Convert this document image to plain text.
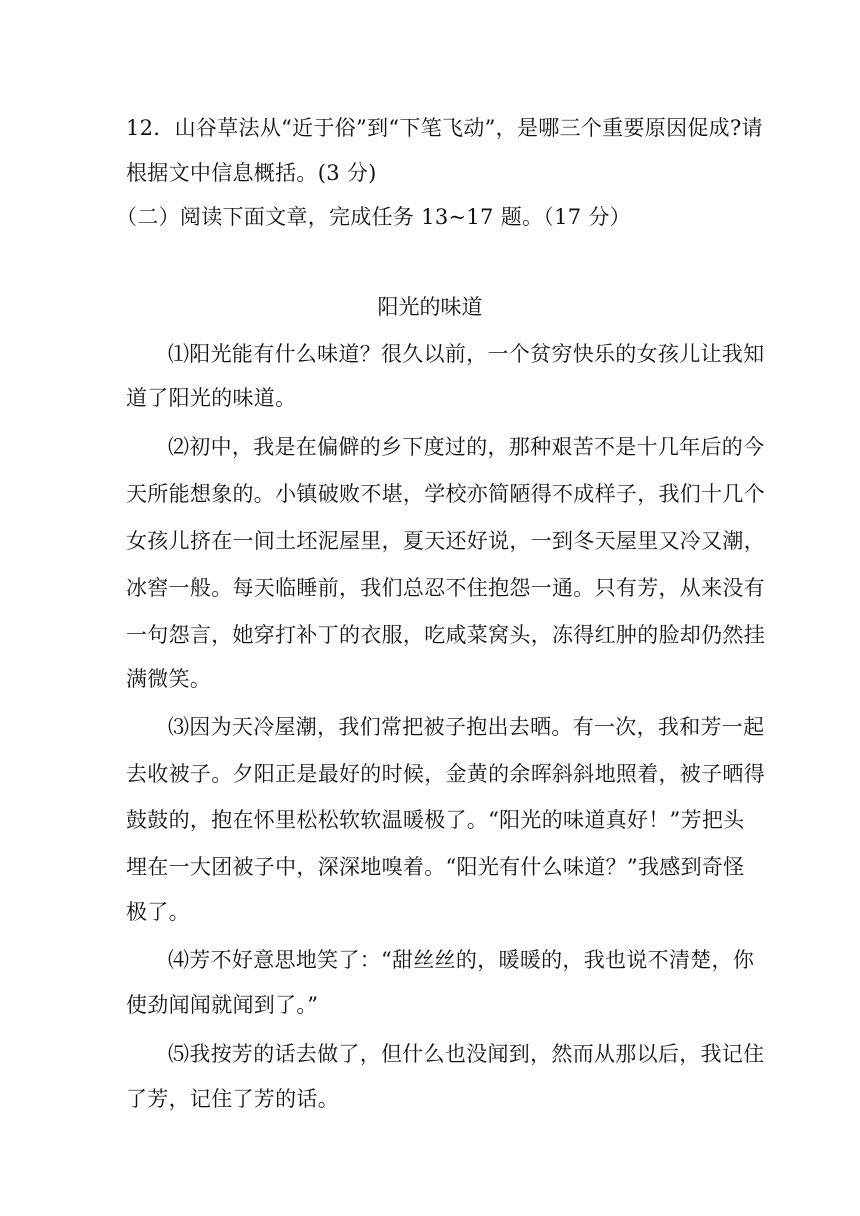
12．山谷草法从“近于俗”到“下笔飞动”，是哪三个重要原因促成?请
根据文中信息概括。(3 分)
（二）阅读下面文章，完成任务 13~17 题。（17 分）
阳光的味道
⑴阳光能有什么味道？很久以前，一个贫穷快乐的女孩儿让我知
道了阳光的味道。
⑵初中，我是在偏僻的乡下度过的，那种艰苦不是十几年后的今
天所能想象的。小镇破败不堪，学校亦简陋得不成样子，我们十几个
女孩儿挤在一间土坯泥屋里，夏天还好说，一到冬天屋里又冷又潮，
冰窖一般。每天临睡前，我们总忍不住抱怨一通。只有芳，从来没有
一句怨言，她穿打补丁的衣服，吃咸菜窝头，冻得红肿的脸却仍然挂
满微笑。
⑶因为天冷屋潮，我们常把被子抱出去晒。有一次，我和芳一起
去收被子。夕阳正是最好的时候，金黄的余晖斜斜地照着，被子晒得
鼓鼓的，抱在怀里松松软软温暖极了。“阳光的味道真好！”芳把头
埋在一大团被子中，深深地嗅着。“阳光有什么味道？”我感到奇怪
极了。
⑷芳不好意思地笑了：“甜丝丝的，暖暖的，我也说不清楚，你
使劲闻闻就闻到了。”
⑸我按芳的话去做了，但什么也没闻到，然而从那以后，我记住
了芳，记住了芳的话。
